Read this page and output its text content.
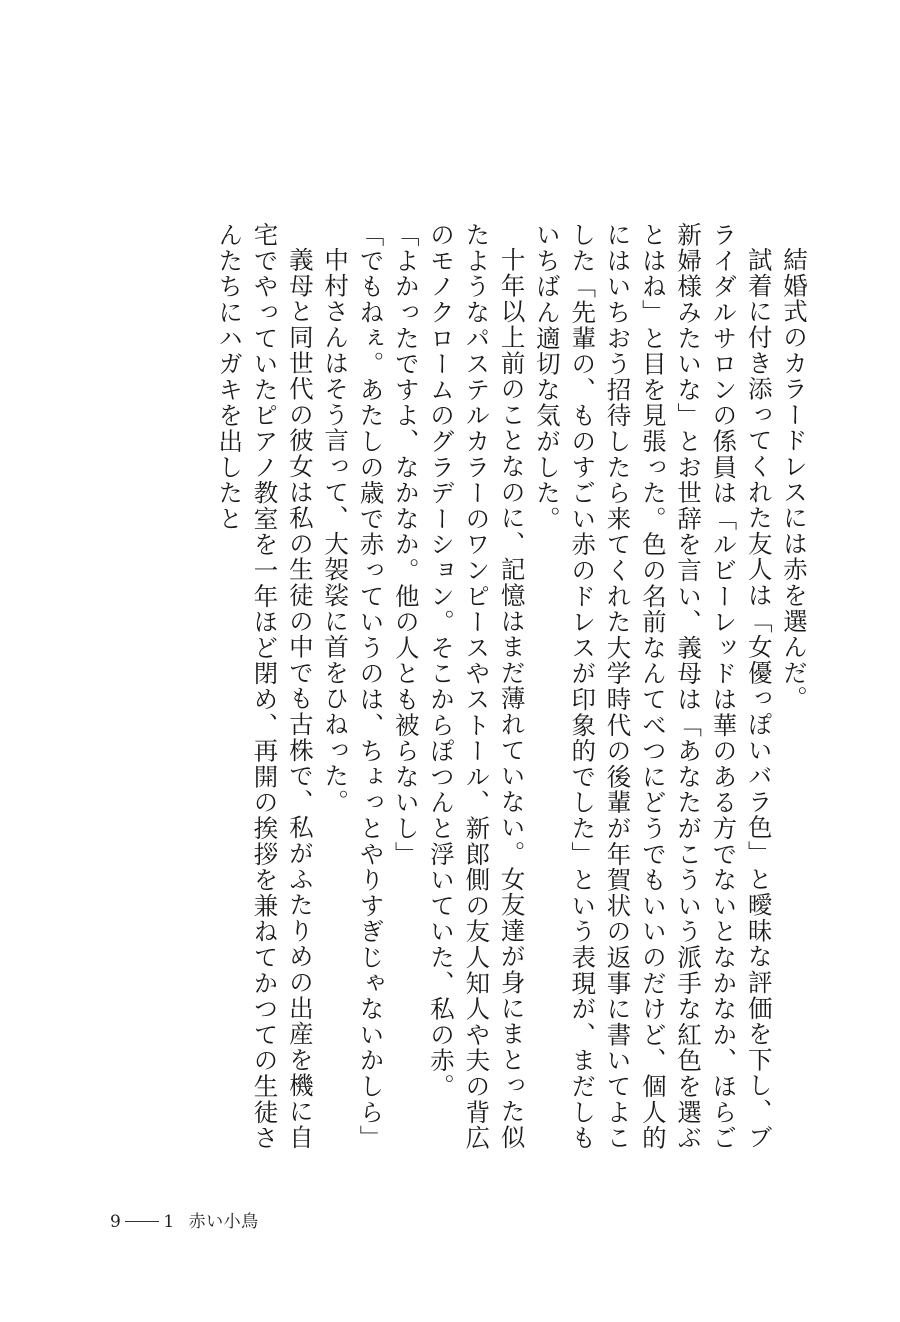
結婚式のカラードレスには赤を選んだ。

試着に付き添ってくれた友人は「女優っぽいバラ色」と曖昧な評価を下し、ブライダルサロンの係員は「ルビーレッドは華のある方でないとなかなか、ほらご新婦様みたいな」とお世辞を言い、義母は「あなたがこういう派手な紅色を選ぶとはね」と目を見張った。色の名前なんてべつにどうでもいいのだけど、個人的にはいちおう招待したら来てくれた大学時代の後輩が年賀状の返事に書いてよこした「先輩の、ものすごい赤のドレスが印象的でした」という表現が、まだしもいちばん適切な気がした。

十年以上前のことなのに、記憶はまだ薄れていない。女友達が身にまとった似たようなパステルカラーのワンピースやストール、新郎側の友人知人や夫の背広のモノクロームのグラデーション。そこからぽつんと浮いていた、私の赤。

「よかったですよ、なかなか。他の人とも被らないし」

「でもねぇ。あたしの歳で赤っていうのは、ちょっとやりすぎじゃないかしら」

中村さんはそう言って、大袈裟に首をひねった。

義母と同世代の彼女は私の生徒の中でも古株で、私がふたりめの出産を機に自宅でやっていたピアノ教室を一年ほど閉め、再開の挨拶を兼ねてかつての生徒さんたちにハガキを出したと

9 1 赤い小鳥
